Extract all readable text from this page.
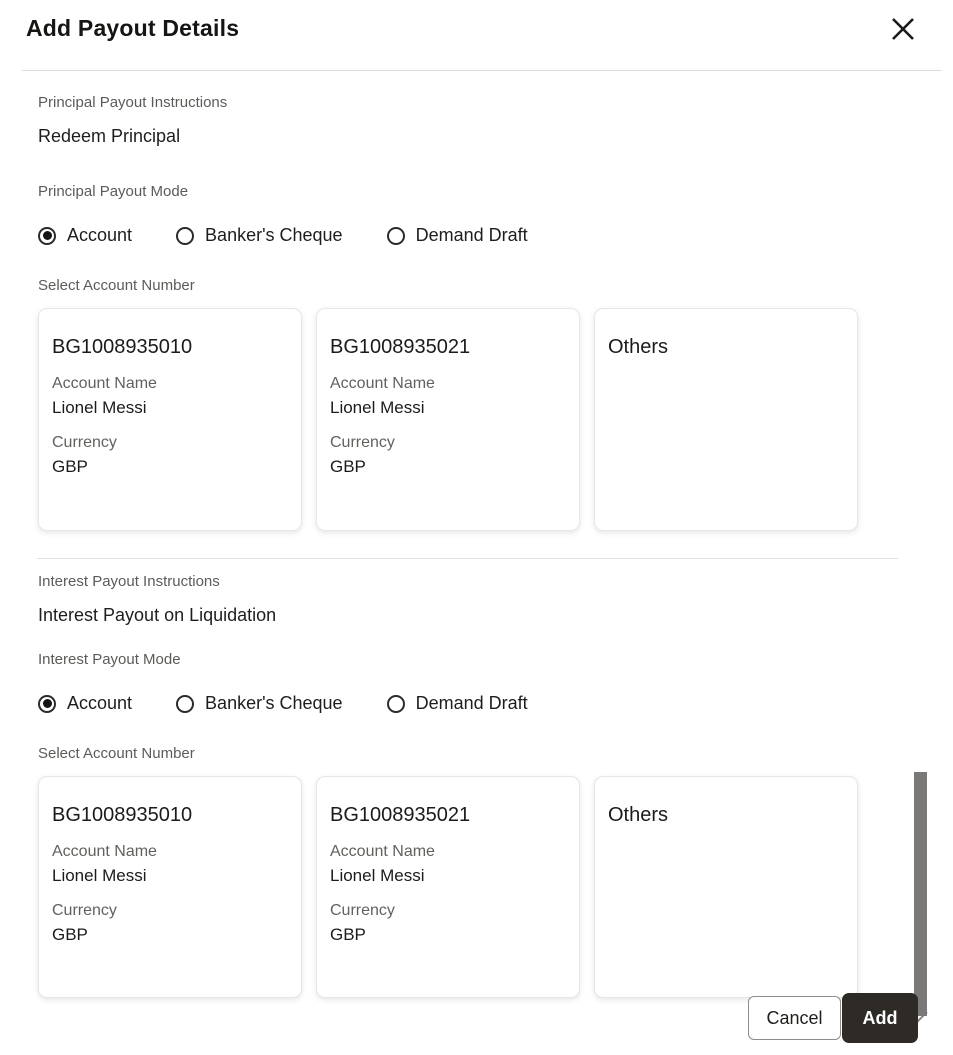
Add Payout Details
Principal Payout Instructions
Redeem Principal
Principal Payout Mode
Account	Banker's Cheque	Demand Draft
Select Account Number
BG1008935010
Account Name
Lionel Messi
Currency
GBP
BG1008935021
Account Name
Lionel Messi
Currency
GBP
Others
Interest Payout Instructions
Interest Payout on Liquidation
Interest Payout Mode
Account	Banker's Cheque	Demand Draft
Select Account Number
BG1008935010
Account Name
Lionel Messi
Currency
GBP
BG1008935021
Account Name
Lionel Messi
Currency
GBP
Others
Cancel	Add
